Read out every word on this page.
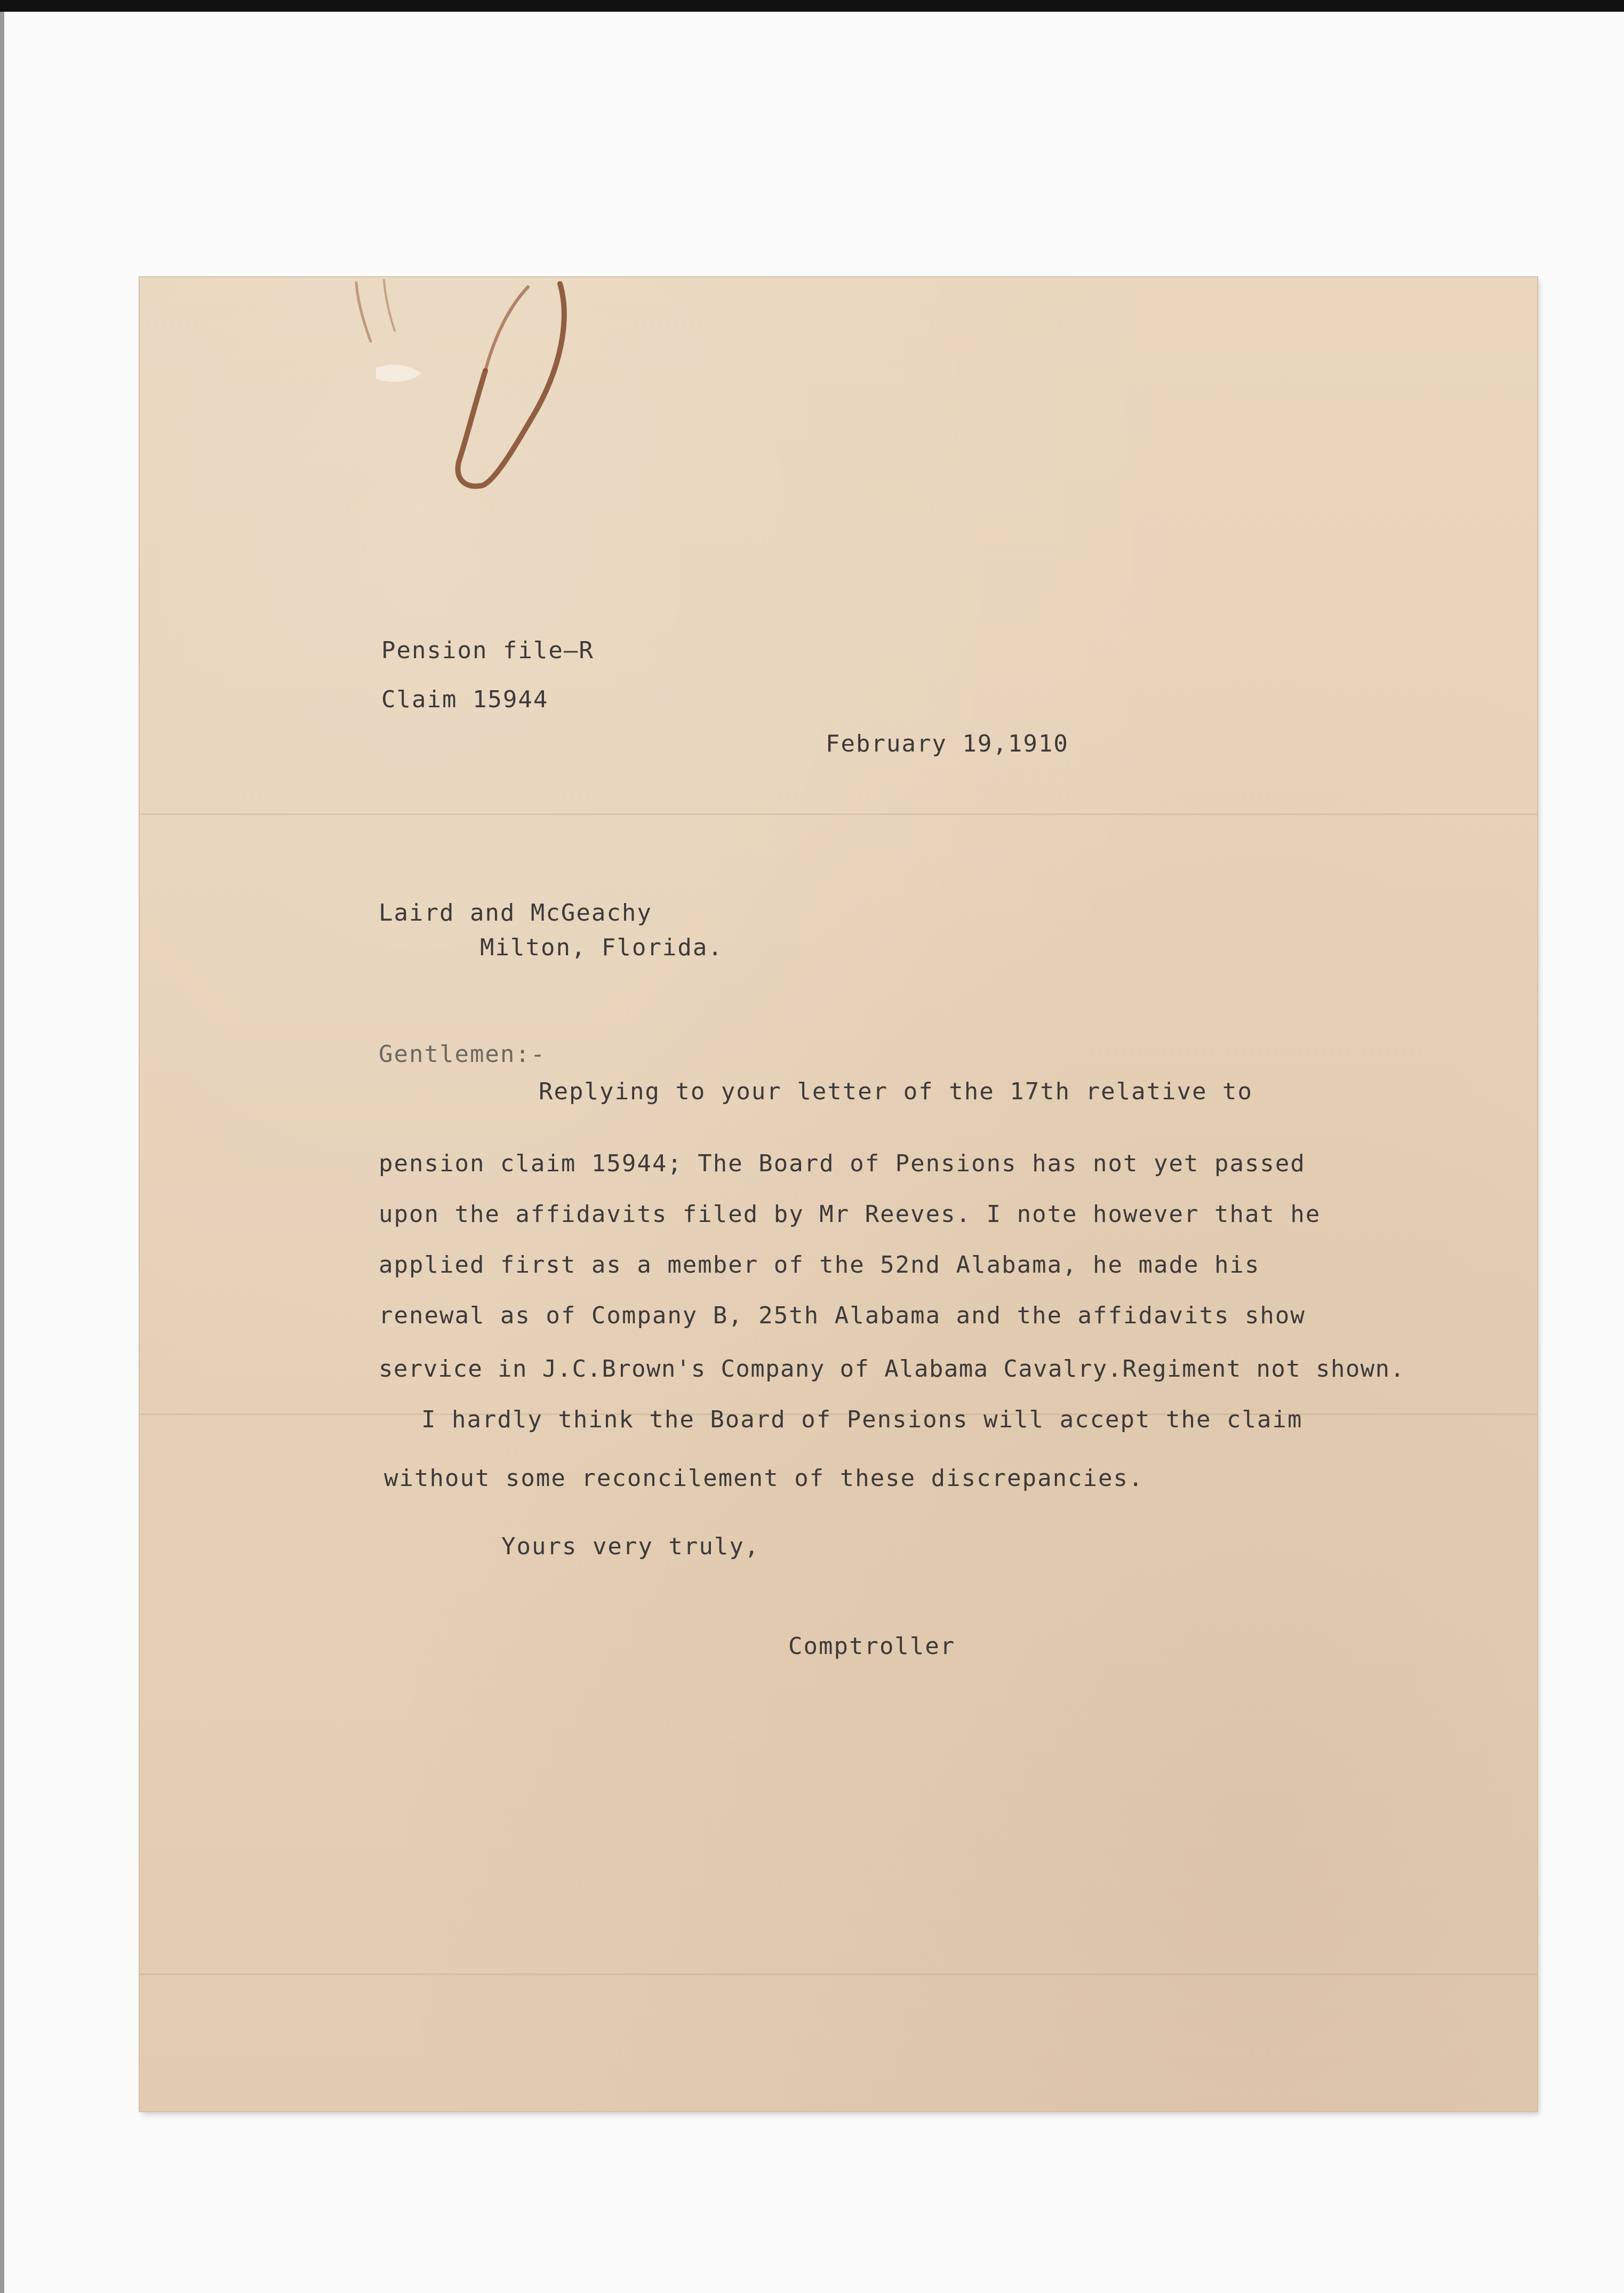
Pension file—R
Claim 15944
February 19,1910
Laird and McGeachy
Milton, Florida.
Gentlemen:-
Replying to your letter of the 17th relative to
pension claim 15944; The Board of Pensions has not yet passed
upon the affidavits filed by Mr Reeves. I note however that he
applied first as a member of the 52nd Alabama, he made his
renewal as of Company B, 25th Alabama and the affidavits show
service in J.C.Brown's Company of Alabama Cavalry.Regiment not shown.
I hardly think the Board of Pensions will accept the claim
without some reconcilement of these discrepancies.
Yours very truly,
Comptroller
